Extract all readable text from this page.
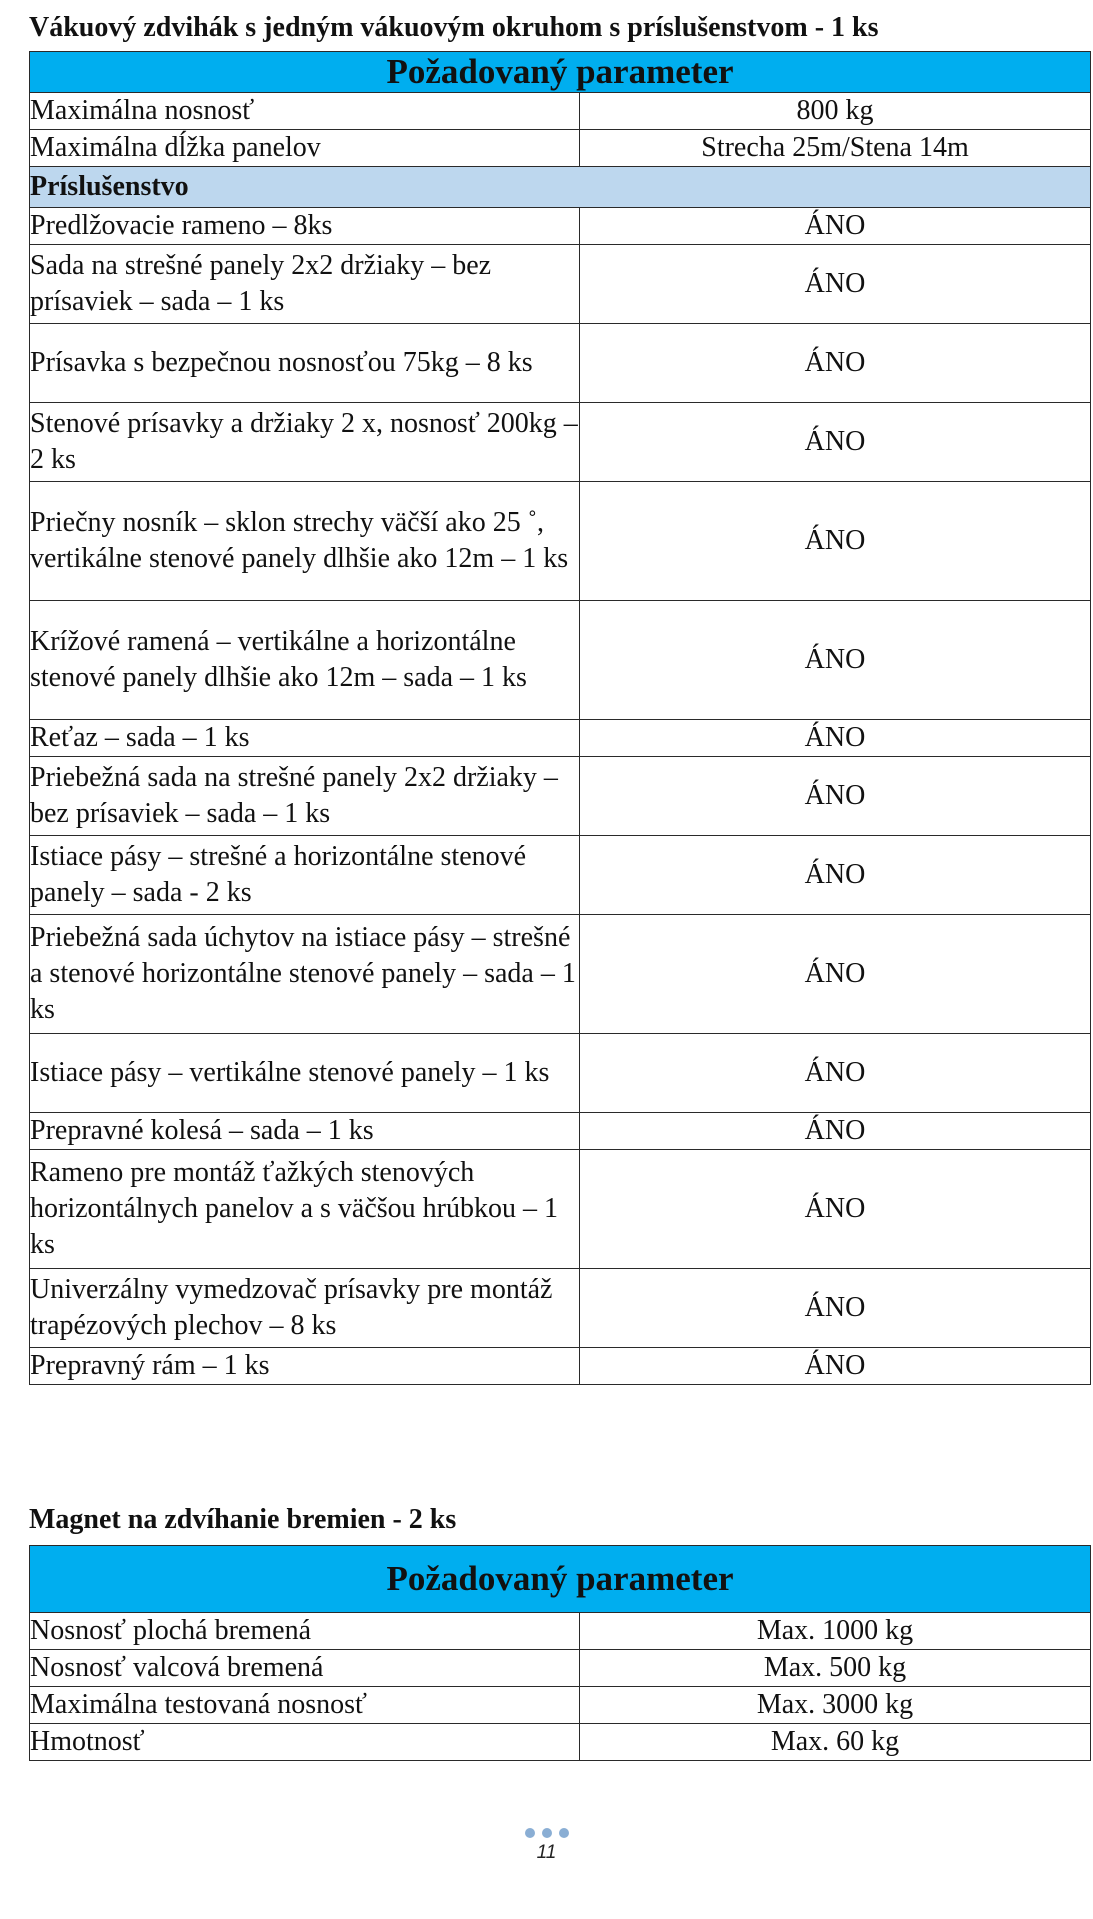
Vákuový zdvihák s jedným vákuovým okruhom s príslušenstvom - 1 ks
Požadovaný parameter	
Maximálna nosnosť	800 kg
Maximálna dĺžka panelov	Strecha 25m/Stena 14m
Príslušenstvo	
Predlžovacie rameno – 8ks	ÁNO
Sada na strešné panely 2x2 držiaky – bez prísaviek – sada – 1 ks	ÁNO
Prísavka s bezpečnou nosnosťou 75kg – 8 ks	ÁNO
Stenové prísavky a držiaky 2 x, nosnosť 200kg – 2 ks	ÁNO
Priečny nosník – sklon strechy väčší ako 25 ˚, vertikálne stenové panely dlhšie ako 12m – 1 ks	ÁNO
Krížové ramená – vertikálne a horizontálne stenové panely dlhšie ako 12m – sada – 1 ks	ÁNO
Reťaz – sada – 1 ks	ÁNO
Priebežná sada na strešné panely 2x2 držiaky – bez prísaviek – sada – 1 ks	ÁNO
Istiace pásy – strešné a horizontálne stenové panely – sada - 2 ks	ÁNO
Priebežná sada úchytov na istiace pásy – strešné a stenové horizontálne stenové panely – sada – 1 ks	ÁNO
Istiace pásy – vertikálne stenové panely – 1 ks	ÁNO
Prepravné kolesá – sada – 1 ks	ÁNO
Rameno pre montáž ťažkých stenových horizontálnych panelov a s väčšou hrúbkou – 1 ks	ÁNO
Univerzálny vymedzovač prísavky pre montáž trapézových plechov – 8 ks	ÁNO
Prepravný rám – 1 ks	ÁNO
Magnet na zdvíhanie bremien - 2 ks
Požadovaný parameter	
Nosnosť plochá bremená	Max. 1000 kg
Nosnosť valcová bremená	Max. 500 kg
Maximálna testovaná nosnosť	Max. 3000 kg
Hmotnosť	Max. 60 kg
11
